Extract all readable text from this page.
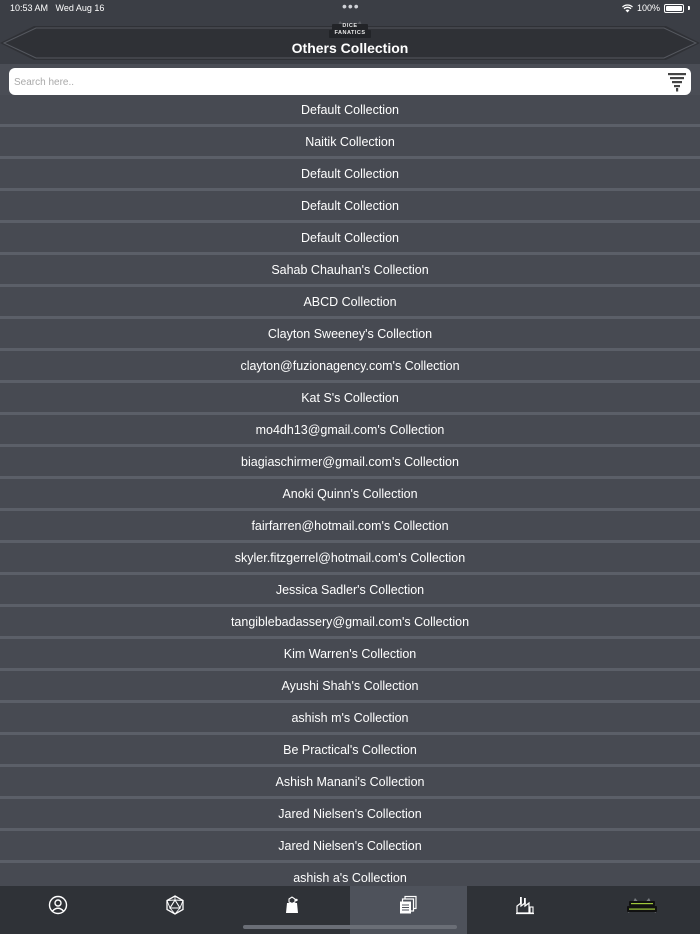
10:53 AM Wed Aug 16	•••	100%
DICE
FANATICS
Others Collection
Search here..
Default Collection
Naitik Collection
Default Collection
Default Collection
Default Collection
Sahab Chauhan's Collection
ABCD Collection
Clayton Sweeney's Collection
clayton@fuzionagency.com's Collection
Kat S's Collection
mo4dh13@gmail.com's Collection
biagiaschirmer@gmail.com's Collection
Anoki Quinn's Collection
fairfarren@hotmail.com's Collection
skyler.fitzgerrel@hotmail.com's Collection
Jessica Sadler's Collection
tangiblebadassery@gmail.com's Collection
Kim Warren's Collection
Ayushi Shah's Collection
ashish m's Collection
Be Practical's Collection
Ashish Manani's Collection
Jared Nielsen's Collection
Jared Nielsen's Collection
ashish a's Collection
